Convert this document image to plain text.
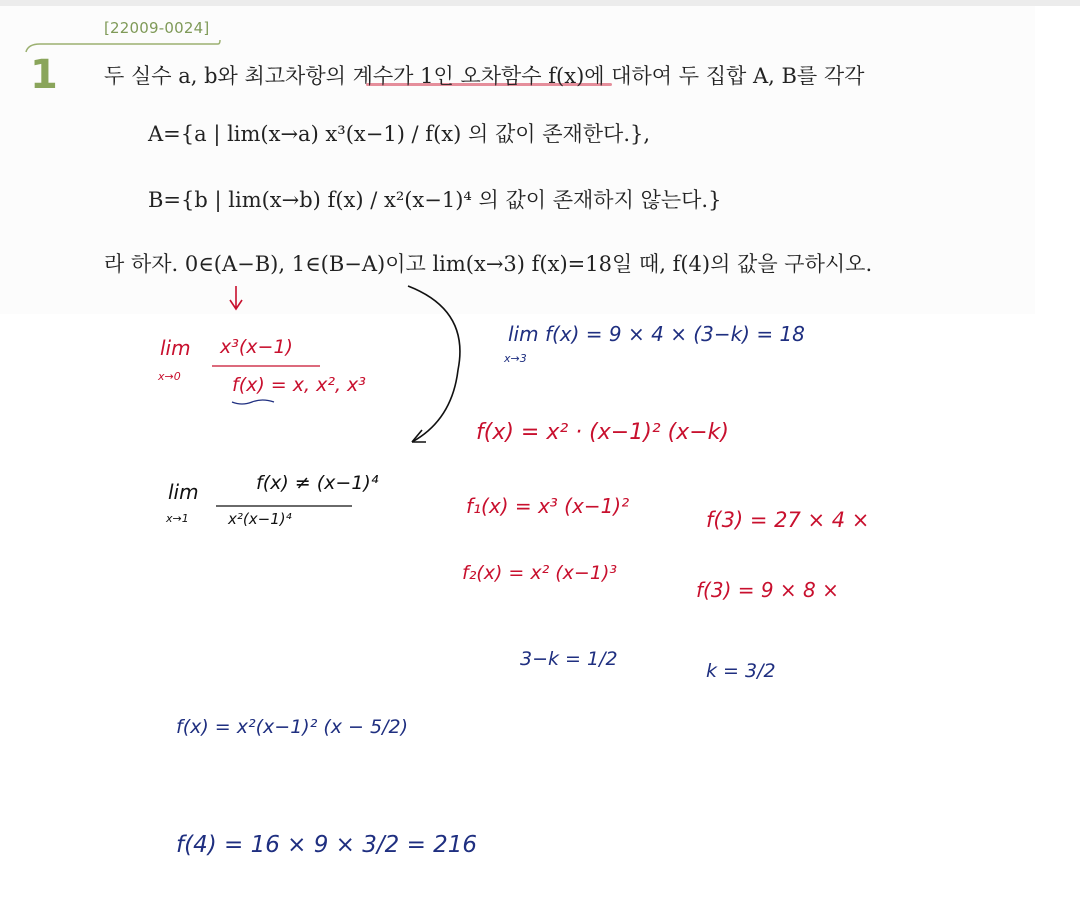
[22009-0024]
1 두 실수 a, b와 최고차항의 계수가 1인 오차함수 f(x)에 대하여 두 집합 A, B를 각각
A={a | lim(x→a) x³(x−1) / f(x) 의 값이 존재한다.},
B={b | lim(x→b) f(x) / x²(x−1)⁴ 의 값이 존재하지 않는다.}
라 하자. 0∈(A−B), 1∈(B−A)이고 lim(x→3) f(x)=18일 때, f(4)의 값을 구하시오.
lim
x→0
x³(x−1)
f(x) = x, x², x³
lim
x→1
f(x) ≠ (x−1)⁴
x²(x−1)⁴
lim f(x) = 9 × 4 × (3−k) = 18
x→3
f(x) = x² · (x−1)² (x−k)
f₁(x) = x³ (x−1)²
f₂(x) = x² (x−1)³
f(3) = 27 × 4 ×
f(3) = 9 × 8 ×
3−k = 1/2
k = 3/2
f(x) = x²(x−1)² (x − 5/2)
f(4) = 16 × 9 × 3/2 = 216
